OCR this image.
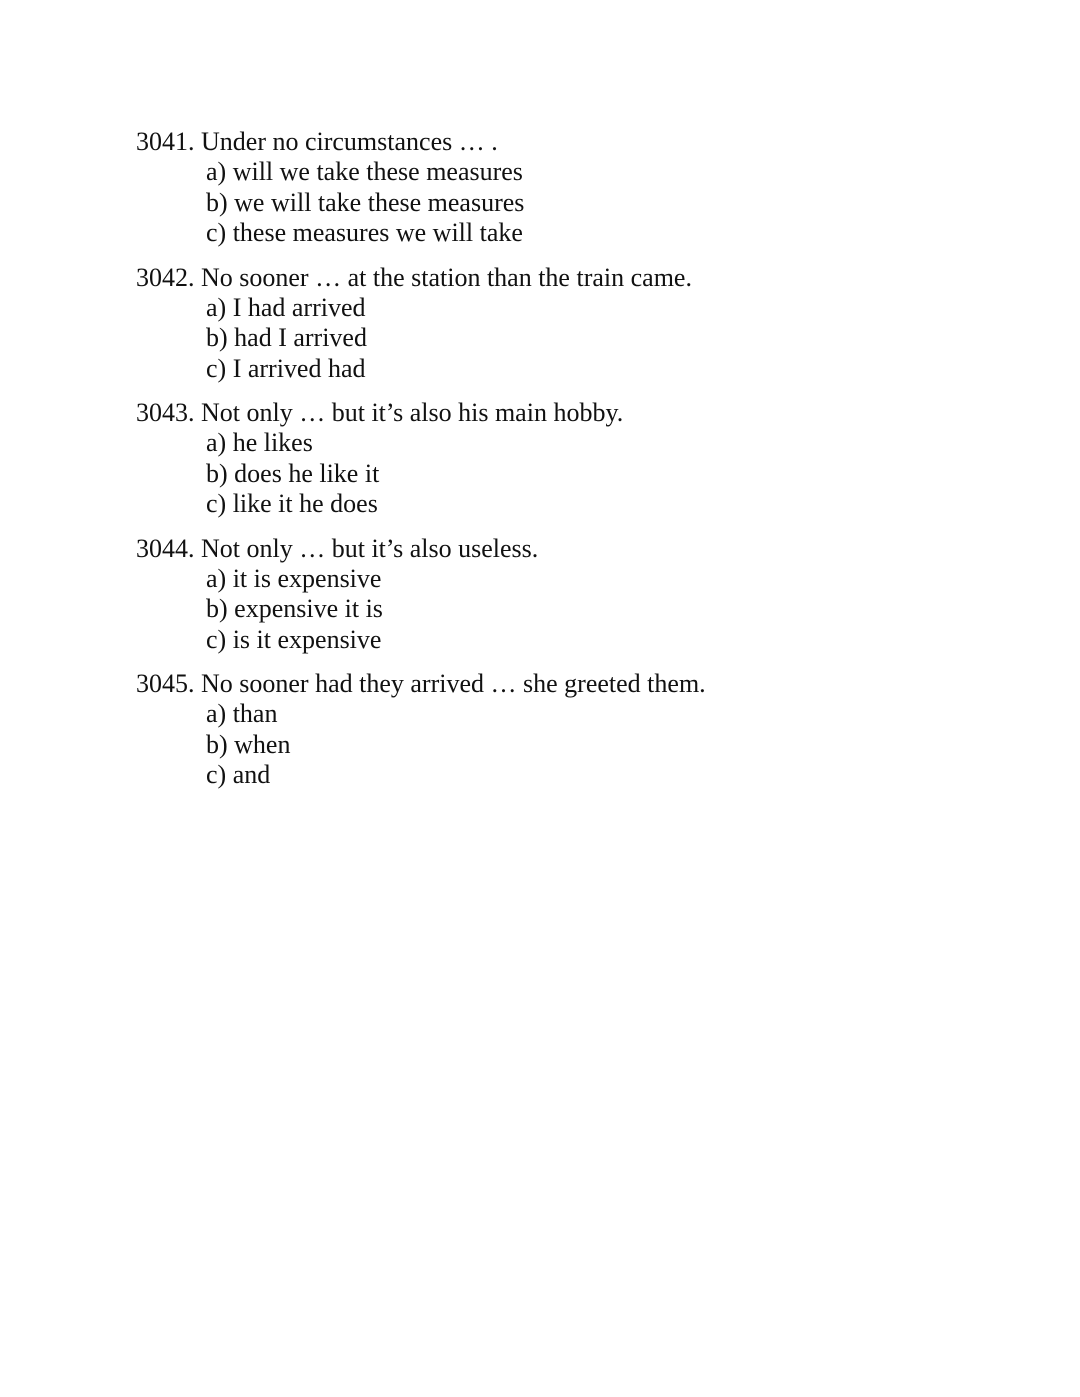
3041. Under no circumstances … .
a) will we take these measures
b) we will take these measures
c) these measures we will take
3042. No sooner … at the station than the train came.
a) I had arrived
b) had I arrived
c) I arrived had
3043. Not only … but it’s also his main hobby.
a) he likes
b) does he like it
c) like it he does
3044. Not only … but it’s also useless.
a) it is expensive
b) expensive it is
c) is it expensive
3045. No sooner had they arrived … she greeted them.
a) than
b) when
c) and
